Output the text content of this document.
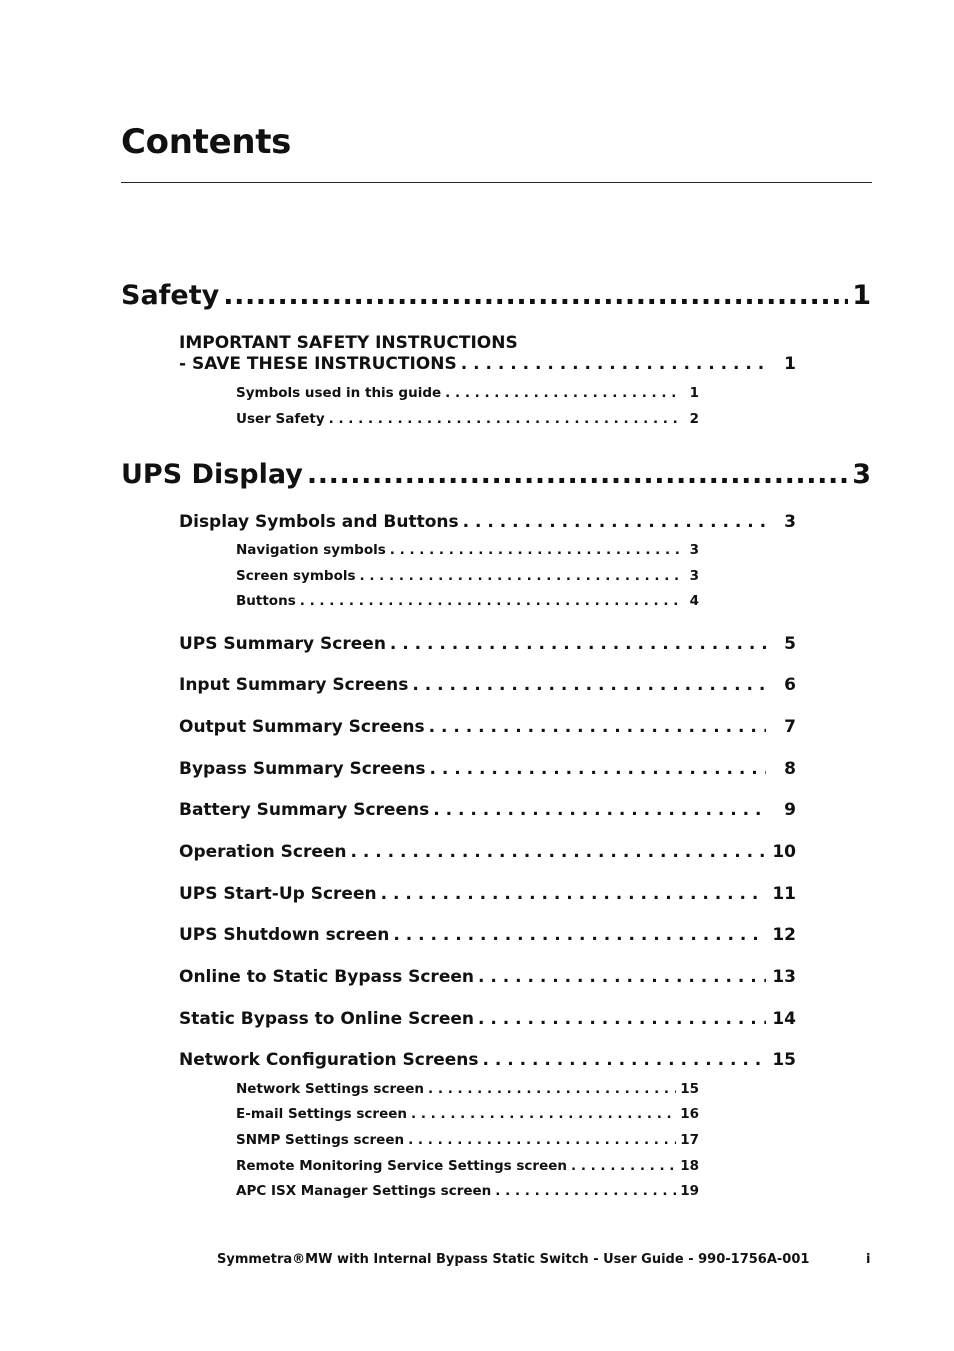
Contents
Safety .....	1
IMPORTANT SAFETY INSTRUCTIONS
- SAVE THESE INSTRUCTIONS . . .	1
Symbols used in this guide . . .	1
User Safety . . .	2
UPS Display .....	3
Display Symbols and Buttons . . .	3
Navigation symbols . . .	3
Screen symbols . . .	3
Buttons . . .	4
UPS Summary Screen . . .	5
Input Summary Screens . . .	6
Output Summary Screens . . .	7
Bypass Summary Screens . . .	8
Battery Summary Screens . . .	9
Operation Screen . . .	10
UPS Start-Up Screen . . .	11
UPS Shutdown screen . . .	12
Online to Static Bypass Screen . . .	13
Static Bypass to Online Screen . . .	14
Network Configuration Screens . . .	15
Network Settings screen . . .	15
E-mail Settings screen . . .	16
SNMP Settings screen . . .	17
Remote Monitoring Service Settings screen . . .	18
APC ISX Manager Settings screen . . .	19
Symmetra®MW with Internal Bypass Static Switch - User Guide - 990-1756A-001	i
